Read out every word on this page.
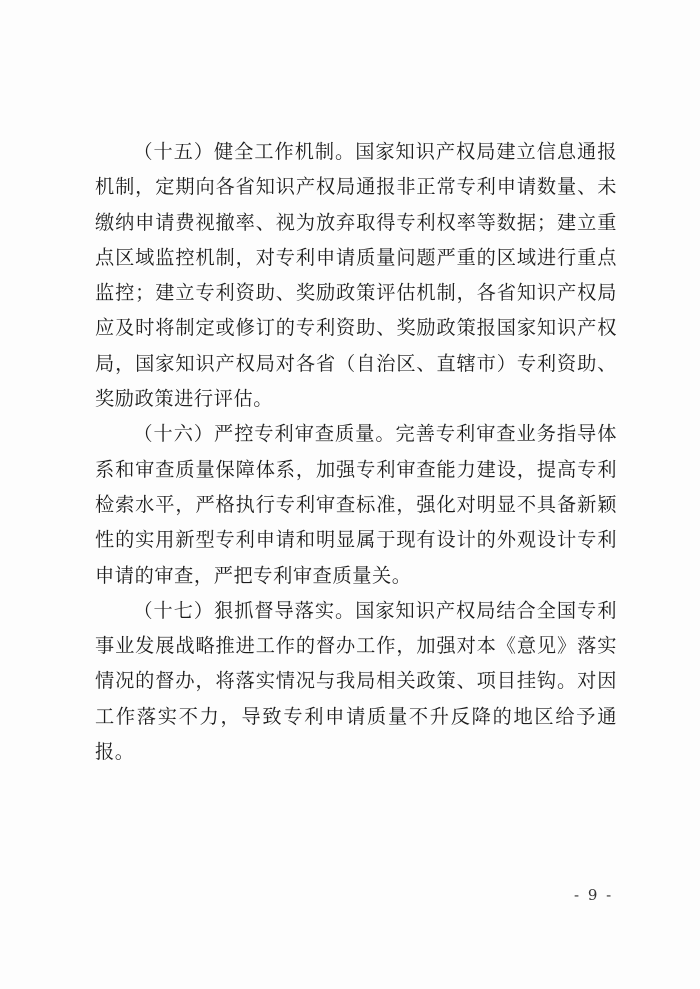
（十五）健全工作机制。国家知识产权局建立信息通报机制，定期向各省知识产权局通报非正常专利申请数量、未缴纳申请费视撤率、视为放弃取得专利权率等数据；建立重点区域监控机制，对专利申请质量问题严重的区域进行重点监控；建立专利资助、奖励政策评估机制，各省知识产权局应及时将制定或修订的专利资助、奖励政策报国家知识产权局，国家知识产权局对各省（自治区、直辖市）专利资助、奖励政策进行评估。

（十六）严控专利审查质量。完善专利审查业务指导体系和审查质量保障体系，加强专利审查能力建设，提高专利检索水平，严格执行专利审查标准，强化对明显不具备新颖性的实用新型专利申请和明显属于现有设计的外观设计专利申请的审查，严把专利审查质量关。

（十七）狠抓督导落实。国家知识产权局结合全国专利事业发展战略推进工作的督办工作，加强对本《意见》落实情况的督办，将落实情况与我局相关政策、项目挂钩。对因工作落实不力，导致专利申请质量不升反降的地区给予通报。

- 9 -
